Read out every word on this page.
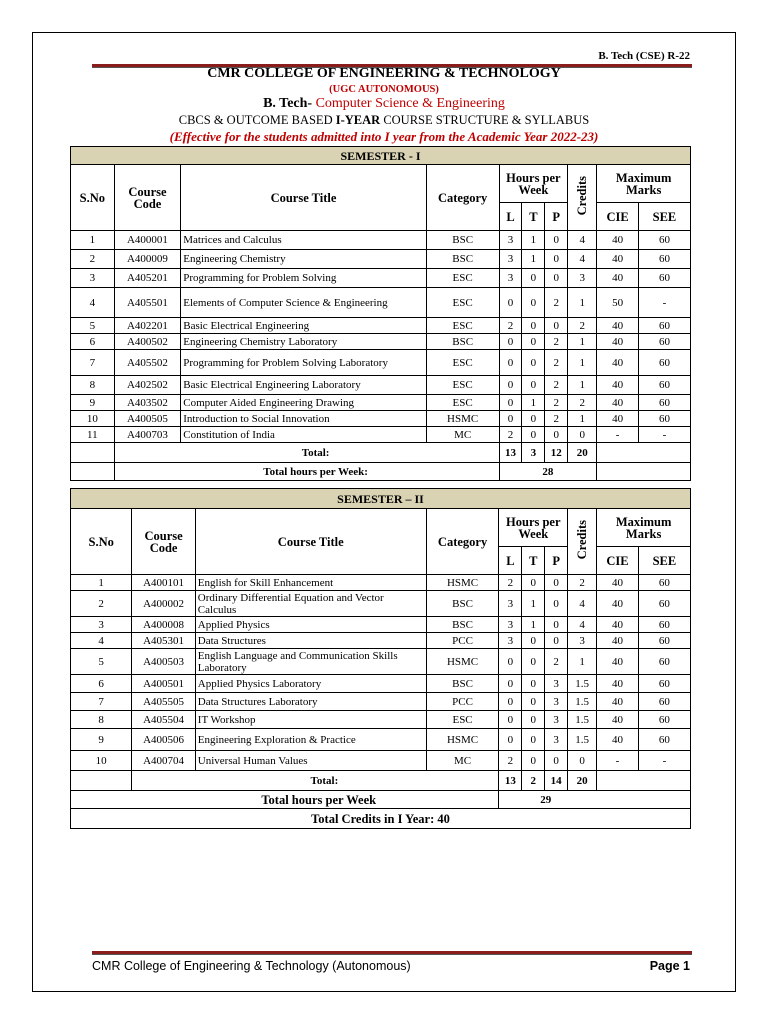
B. Tech (CSE) R-22
CMR COLLEGE OF ENGINEERING & TECHNOLOGY
(UGC AUTONOMOUS)
B. Tech- Computer Science & Engineering
CBCS & OUTCOME BASED I-YEAR COURSE STRUCTURE & SYLLABUS
(Effective for the students admitted into I year from the Academic Year 2022-23)
SEMESTER - I									
S.No	Course Code	Course Title	Category	Hours per Week			Credits	Maximum Marks	
				L	T	P		CIE	SEE
1	A400001	Matrices and Calculus	BSC	3	1	0	4	40	60
2	A400009	Engineering Chemistry	BSC	3	1	0	4	40	60
3	A405201	Programming for Problem Solving	ESC	3	0	0	3	40	60
4	A405501	Elements of Computer Science & Engineering	ESC	0	0	2	1	50	-
5	A402201	Basic Electrical Engineering	ESC	2	0	0	2	40	60
6	A400502	Engineering Chemistry Laboratory	BSC	0	0	2	1	40	60
7	A405502	Programming for Problem Solving Laboratory	ESC	0	0	2	1	40	60
8	A402502	Basic Electrical Engineering Laboratory	ESC	0	0	2	1	40	60
9	A403502	Computer Aided Engineering Drawing	ESC	0	1	2	2	40	60
10	A400505	Introduction to Social Innovation	HSMC	0	0	2	1	40	60
11	A400703	Constitution of India	MC	2	0	0	0	-	-
	Total:			13	3	12	20		
	Total hours per Week:			28					
SEMESTER – II									
S.No	Course Code	Course Title	Category	Hours per Week			Credits	Maximum Marks	
				L	T	P		CIE	SEE
1	A400101	English for Skill Enhancement	HSMC	2	0	0	2	40	60
2	A400002	Ordinary Differential Equation and Vector Calculus	BSC	3	1	0	4	40	60
3	A400008	Applied Physics	BSC	3	1	0	4	40	60
4	A405301	Data Structures	PCC	3	0	0	3	40	60
5	A400503	English Language and Communication Skills Laboratory	HSMC	0	0	2	1	40	60
6	A400501	Applied Physics Laboratory	BSC	0	0	3	1.5	40	60
7	A405505	Data Structures Laboratory	PCC	0	0	3	1.5	40	60
8	A405504	IT Workshop	ESC	0	0	3	1.5	40	60
9	A400506	Engineering Exploration & Practice	HSMC	0	0	3	1.5	40	60
10	A400704	Universal Human Values	MC	2	0	0	0	-	-
	Total:			13	2	14	20		
Total hours per Week				29					
Total Credits in I Year: 40									
CMR College of Engineering & Technology (Autonomous)	Page 1
